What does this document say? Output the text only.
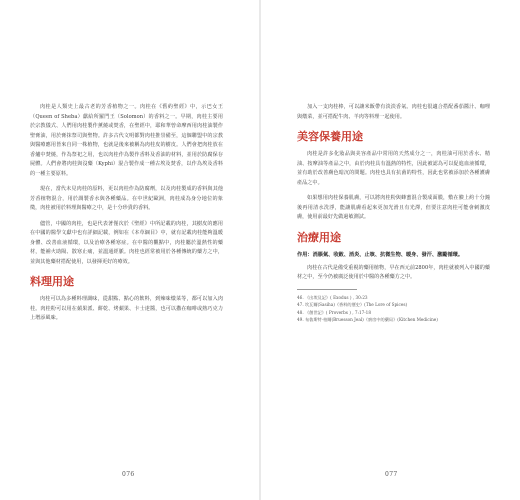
肉桂是人類史上最古老的芳香植物之一。肉桂在《舊約聖經》中，示巴女王（Queen of Sheba）獻給所羅門王（Solomon）的香料之一。早期，肉桂主要用於宗教儀式、人們用肉桂製作薰燒或焚香，在聖經中，耶和華曾命摩西用肉桂油製作聖膏油，用於膏抹祭司與聖物。許多古代文明都對肉桂推崇備至，這個聯盟中的宗教與醫療應用皆來自同一株植物，也就是後來被稱為肉桂皮的樹皮。人們會把肉桂放在香爐中焚燒，作為祭祀之用，也以肉桂作為製作香料及香油的材料，並用於防腐保存屍體。人們會將肉桂與沒藥（Kyphi）混合製作成一種古埃及焚香，以作為埃及香料的一種主要原料。

現在，當代未見肉桂的原料，更以肉桂作為防腐劑，以及肉桂製成的香料與其他芳香植物混合，用於調製香水與各種藥品。在中世紀歐洲，肉桂成為身分地位的象徵，肉桂被用於料理與醫療之中，是十分珍貴的香料。

儘管，中國的肉桂，也是代表著僅次於《聖經》中所記載的肉桂，其樹皮的應用在中國的醫學文獻中也有詳細記載，例如在《本草綱目》中，就有記載肉桂能夠溫暖身體、改善血液循環，以及治療各種寒症。在中醫的觀點中，肉桂屬於溫熱性的藥材，能補火助陽、散寒止痛，並溫通經脈。肉桂也經常被用於各種傳統的藥方之中，並與其他藥材搭配使用，以發揮更好的療效。

料理用途

肉桂可以為多種料理調味，從甜點、點心的飲料，到辣味燉菜等，都可以加入肉桂。肉桂粉可以用在蘋果派、餅乾、烤蘋果、卡士達醬，也可以撒在咖啡或熱巧克力上增添風味。

076

加入一支肉桂棒，可以讓米飯帶有淡淡香氣。肉桂也很適合搭配番茄醬汁、咖哩與燉菜，並可搭配牛肉、羊肉等料理一起使用。

美容保養用途

肉桂是許多化妝品與美容產品中常用的天然成分之一，肉桂油可用於香水、精油、按摩油等產品之中，由於肉桂具有溫熱的特性，因此被認為可以促進血液循環，並有助於改善膚色暗沉的問題。肉桂也具有抗菌的特性，因此也常被添加於各種護膚產品之中。

如果想用肉桂保養肌膚，可以將肉桂粉與蜂蜜混合製成面膜，敷在臉上約十分鐘後再用清水洗淨，能讓肌膚看起來更加光滑且有光澤，但要注意肉桂可能會刺激皮膚，使用前最好先做過敏測試。

治療用途

作用：消脹氣、收斂、消炎、止咳、抗微生物、暖身、發汗、激勵循環。

肉桂在古代是備受重視的藥用植物，早在西元前2800年，肉桂就被列入中國的藥材之中，至今仍被廣泛使用於中醫的各種藥方之中。

46. 《出埃及記》( Exodus ) , 30:23

47. 坎瓦爾(Sasiha)《香料的歷史》(The Lore of Spices)

48. 《創世記》( Proverbs ) , 7:17-18

49. 布魯斯特·柏爾(Bruesson Jeal)《廚房中的藥局》(Kitchen Medicine)

077
